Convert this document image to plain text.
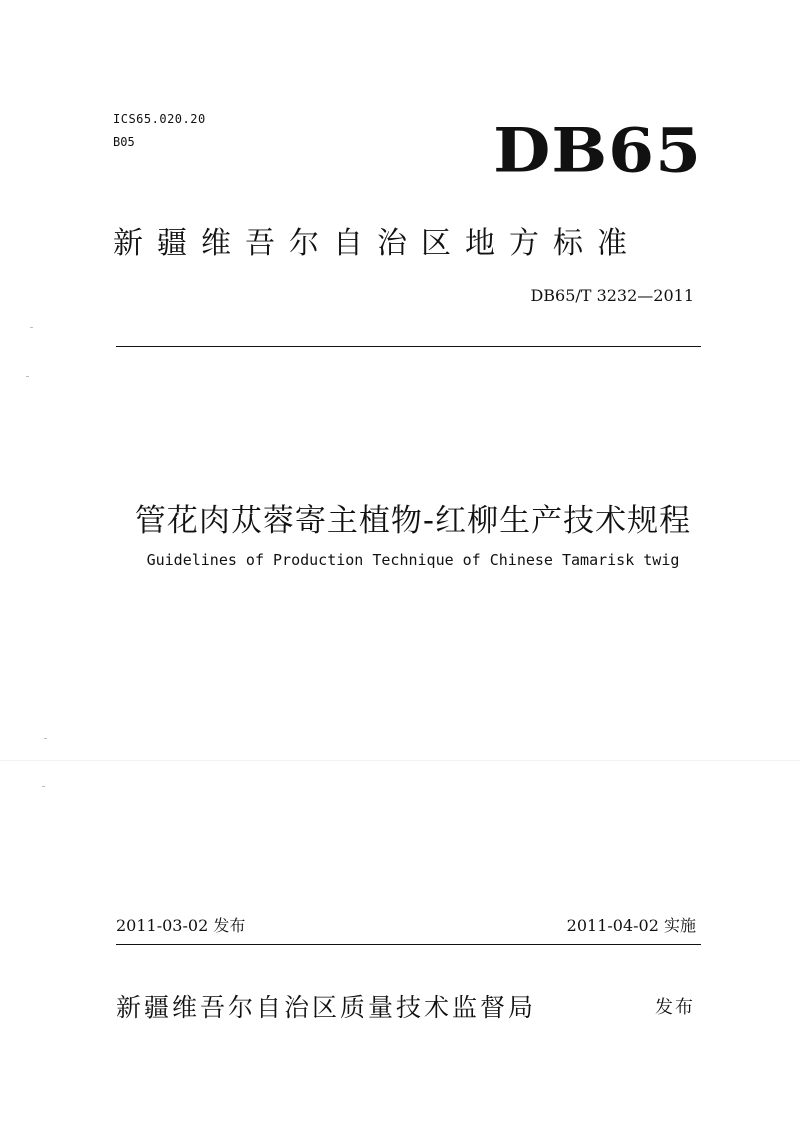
ICS65.020.20
B05	DB65
新疆维吾尔自治区地方标准
DB65/T 3232—2011
管花肉苁蓉寄主植物-红柳生产技术规程
Guidelines of Production Technique of Chinese Tamarisk twig
2011-03-02 发布	2011-04-02 实施
新疆维吾尔自治区质量技术监督局	发布
